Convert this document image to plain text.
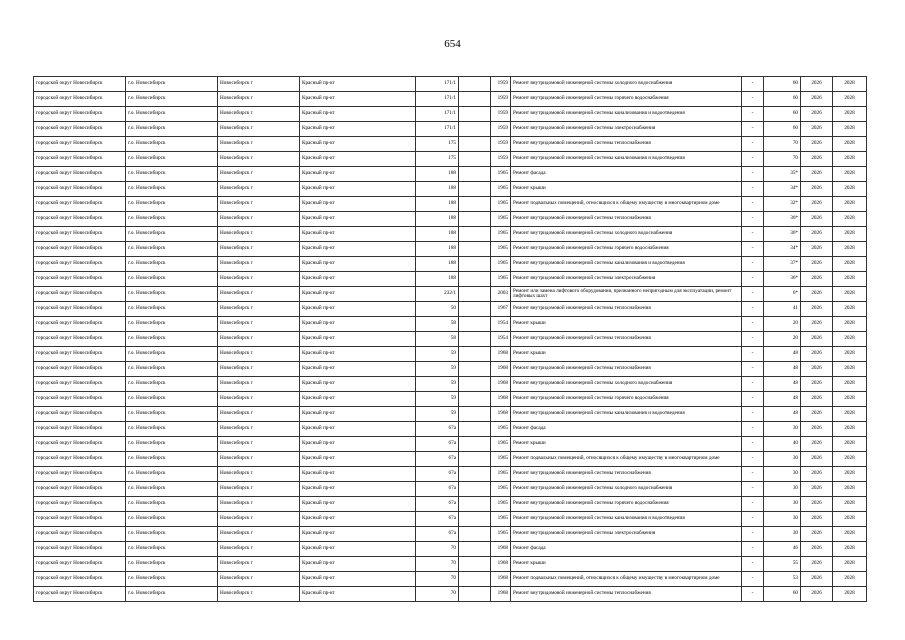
654
городской округ Новосибирск	г.о. Новосибирск	Новосибирск г	Красный пр-кт	171/1		1959	Ремонт внутридомовой инженерной системы холодного водоснабжения	-	60	2026	2028
городской округ Новосибирск	г.о. Новосибирск	Новосибирск г	Красный пр-кт	171/1		1959	Ремонт внутридомовой инженерной системы горячего водоснабжения	-	60	2026	2028
городской округ Новосибирск	г.о. Новосибирск	Новосибирск г	Красный пр-кт	171/1		1959	Ремонт внутридомовой инженерной системы канализования и водоотведения	-	60	2026	2028
городской округ Новосибирск	г.о. Новосибирск	Новосибирск г	Красный пр-кт	171/1		1959	Ремонт внутридомовой инженерной системы электроснабжения	-	60	2026	2028
городской округ Новосибирск	г.о. Новосибирск	Новосибирск г	Красный пр-кт	175		1959	Ремонт внутридомовой инженерной системы теплоснабжения	-	70	2026	2028
городской округ Новосибирск	г.о. Новосибирск	Новосибирск г	Красный пр-кт	175		1959	Ремонт внутридомовой инженерной системы канализования и водоотведения	-	70	2026	2028
городской округ Новосибирск	г.о. Новосибирск	Новосибирск г	Красный пр-кт	188		1965	Ремонт фасада	-	35*	2026	2028
городской округ Новосибирск	г.о. Новосибирск	Новосибирск г	Красный пр-кт	188		1965	Ремонт крыши	-	34*	2026	2028
городской округ Новосибирск	г.о. Новосибирск	Новосибирск г	Красный пр-кт	188		1965	Ремонт подвальных помещений, относящихся к общему имуществу в многоквартирном доме	-	32*	2026	2028
городской округ Новосибирск	г.о. Новосибирск	Новосибирск г	Красный пр-кт	188		1965	Ремонт внутридомовой инженерной системы теплоснабжения	-	36*	2026	2028
городской округ Новосибирск	г.о. Новосибирск	Новосибирск г	Красный пр-кт	188		1965	Ремонт внутридомовой инженерной системы холодного водоснабжения	-	36*	2026	2028
городской округ Новосибирск	г.о. Новосибирск	Новосибирск г	Красный пр-кт	188		1965	Ремонт внутридомовой инженерной системы горячего водоснабжения	-	34*	2026	2028
городской округ Новосибирск	г.о. Новосибирск	Новосибирск г	Красный пр-кт	188		1965	Ремонт внутридомовой инженерной системы канализования и водоотведения	-	37*	2026	2028
городской округ Новосибирск	г.о. Новосибирск	Новосибирск г	Красный пр-кт	188		1965	Ремонт внутридомовой инженерной системы электроснабжения	-	36*	2026	2028
городской округ Новосибирск	г.о. Новосибирск	Новосибирск г	Красный пр-кт	232/1		2003	Ремонт или замена лифтового оборудования, признанного непригодным для эксплуатации, ремонт лифтовых шахт	-	6*	2026	2028
городской округ Новосибирск	г.о. Новосибирск	Новосибирск г	Красный пр-кт	50		1967	Ремонт внутридомовой инженерной системы теплоснабжения	-	41	2026	2028
городской округ Новосибирск	г.о. Новосибирск	Новосибирск г	Красный пр-кт	58		1954	Ремонт крыши	-	20	2026	2028
городской округ Новосибирск	г.о. Новосибирск	Новосибирск г	Красный пр-кт	58		1954	Ремонт внутридомовой инженерной системы теплоснабжения	-	20	2026	2028
городской округ Новосибирск	г.о. Новосибирск	Новосибирск г	Красный пр-кт	59		1968	Ремонт крыши	-	48	2026	2028
городской округ Новосибирск	г.о. Новосибирск	Новосибирск г	Красный пр-кт	59		1968	Ремонт внутридомовой инженерной системы теплоснабжения	-	48	2026	2028
городской округ Новосибирск	г.о. Новосибирск	Новосибирск г	Красный пр-кт	59		1968	Ремонт внутридомовой инженерной системы холодного водоснабжения	-	48	2026	2028
городской округ Новосибирск	г.о. Новосибирск	Новосибирск г	Красный пр-кт	59		1968	Ремонт внутридомовой инженерной системы горячего водоснабжения	-	48	2026	2028
городской округ Новосибирск	г.о. Новосибирск	Новосибирск г	Красный пр-кт	59		1968	Ремонт внутридомовой инженерной системы канализования и водоотведения	-	48	2026	2028
городской округ Новосибирск	г.о. Новосибирск	Новосибирск г	Красный пр-кт	67а		1965	Ремонт фасада	-	30	2026	2028
городской округ Новосибирск	г.о. Новосибирск	Новосибирск г	Красный пр-кт	67а		1965	Ремонт крыши	-	40	2026	2028
городской округ Новосибирск	г.о. Новосибирск	Новосибирск г	Красный пр-кт	67а		1965	Ремонт подвальных помещений, относящихся к общему имуществу в многоквартирном доме	-	30	2026	2028
городской округ Новосибирск	г.о. Новосибирск	Новосибирск г	Красный пр-кт	67а		1965	Ремонт внутридомовой инженерной системы теплоснабжения	-	30	2026	2028
городской округ Новосибирск	г.о. Новосибирск	Новосибирск г	Красный пр-кт	67а		1965	Ремонт внутридомовой инженерной системы холодного водоснабжения	-	30	2026	2028
городской округ Новосибирск	г.о. Новосибирск	Новосибирск г	Красный пр-кт	67а		1965	Ремонт внутридомовой инженерной системы горячего водоснабжения	-	30	2026	2028
городской округ Новосибирск	г.о. Новосибирск	Новосибирск г	Красный пр-кт	67а		1965	Ремонт внутридомовой инженерной системы канализования и водоотведения	-	30	2026	2028
городской округ Новосибирск	г.о. Новосибирск	Новосибирск г	Красный пр-кт	67а		1965	Ремонт внутридомовой инженерной системы электроснабжения	-	30	2026	2028
городской округ Новосибирск	г.о. Новосибирск	Новосибирск г	Красный пр-кт	70		1968	Ремонт фасада	-	46	2026	2028
городской округ Новосибирск	г.о. Новосибирск	Новосибирск г	Красный пр-кт	70		1968	Ремонт крыши	-	55	2026	2028
городской округ Новосибирск	г.о. Новосибирск	Новосибирск г	Красный пр-кт	70		1968	Ремонт подвальных помещений, относящихся к общему имуществу в многоквартирном доме	-	53	2026	2028
городской округ Новосибирск	г.о. Новосибирск	Новосибирск г	Красный пр-кт	70		1968	Ремонт внутридомовой инженерной системы теплоснабжения	-	60	2026	2028
